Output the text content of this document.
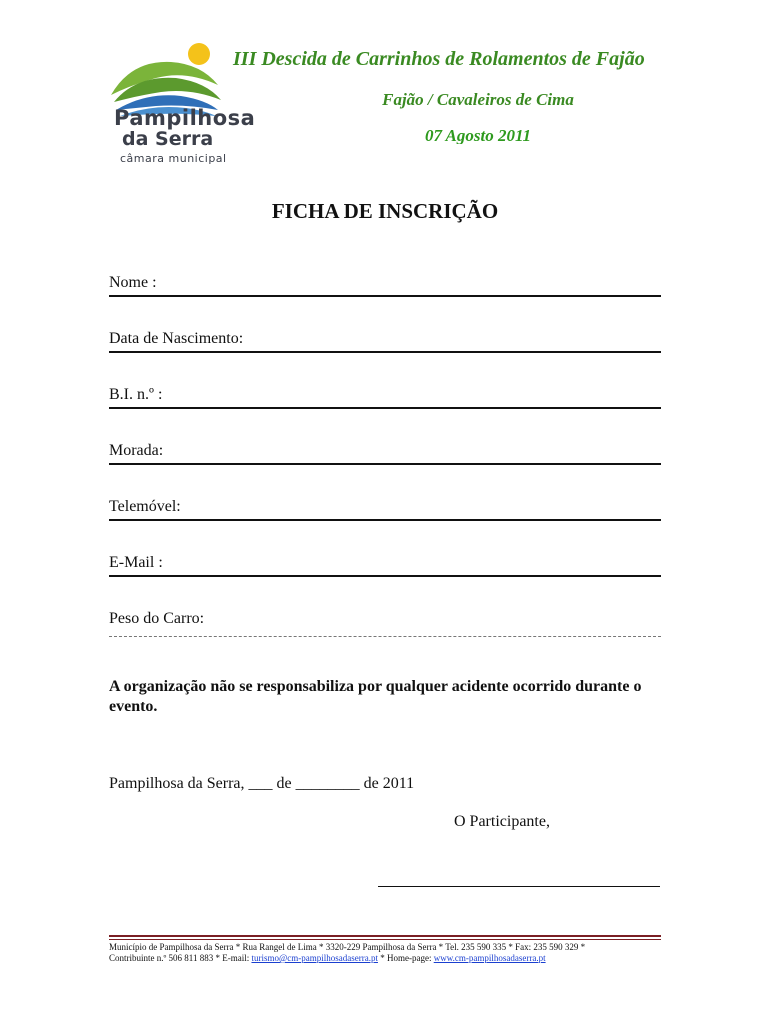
Pampilhosa
da Serra
câmara municipal
III Descida de Carrinhos de Rolamentos de Fajão
Fajão / Cavaleiros de Cima
07 Agosto 2011
FICHA DE INSCRIÇÃO
Nome :
Data de Nascimento:
B.I. n.º :
Morada:
Telemóvel:
E-Mail :
Peso do Carro:
A organização não se responsabiliza por qualquer acidente ocorrido durante o evento.
Pampilhosa da Serra, ___ de ________ de 2011
O Participante,
Município de Pampilhosa da Serra * Rua Rangel de Lima * 3320-229 Pampilhosa da Serra * Tel. 235 590 335 * Fax: 235 590 329 *
Contribuinte n.º 506 811 883 * E-mail: turismo@cm-pampilhosadaserra.pt * Home-page: www.cm-pampilhosadaserra.pt
